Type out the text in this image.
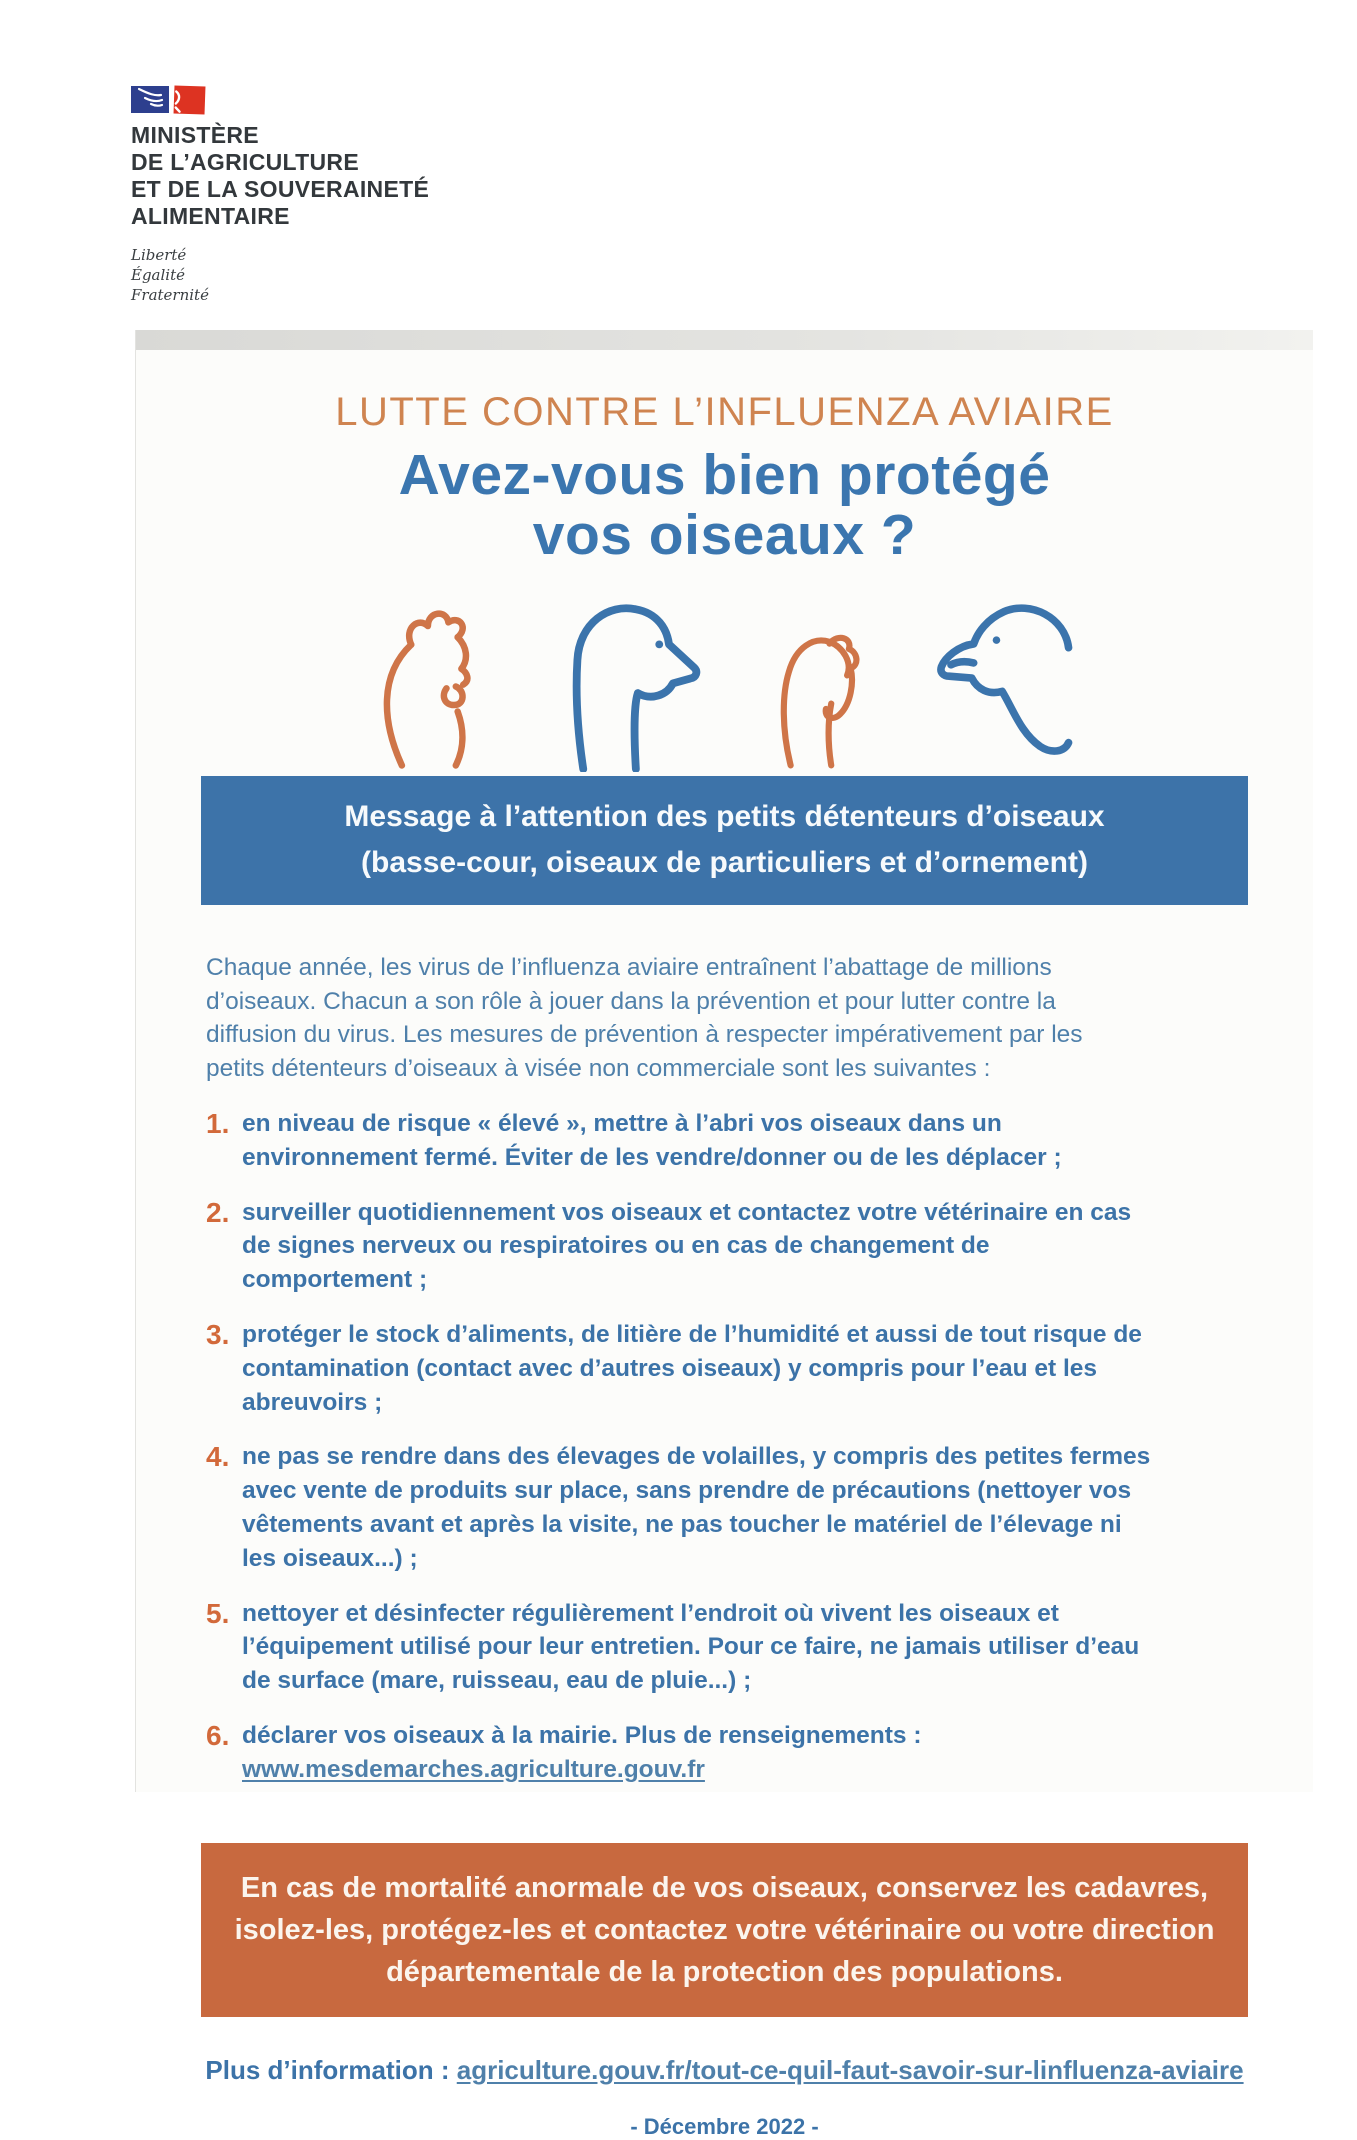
MINISTÈRE
DE L’AGRICULTURE
ET DE LA SOUVERAINETÉ
ALIMENTAIRE
Liberté
Égalité
Fraternité
LUTTE CONTRE L’INFLUENZA AVIAIRE
Avez-vous bien protégé
vos oiseaux ?
Message à l’attention des petits détenteurs d’oiseaux
(basse-cour, oiseaux de particuliers et d’ornement)
Chaque année, les virus de l’influenza aviaire entraînent l’abattage de millions d’oiseaux. Chacun a son rôle à jouer dans la prévention et pour lutter contre la diffusion du virus. Les mesures de prévention à respecter impérativement par les petits détenteurs d’oiseaux à visée non commerciale sont les suivantes :
1. en niveau de risque « élevé », mettre à l’abri vos oiseaux dans un environnement fermé. Éviter de les vendre/donner ou de les déplacer ;
2. surveiller quotidiennement vos oiseaux et contactez votre vétérinaire en cas de signes nerveux ou respiratoires ou en cas de changement de comportement ;
3. protéger le stock d’aliments, de litière de l’humidité et aussi de tout risque de contamination (contact avec d’autres oiseaux) y compris pour l’eau et les abreuvoirs ;
4. ne pas se rendre dans des élevages de volailles, y compris des petites fermes avec vente de produits sur place, sans prendre de précautions (nettoyer vos vêtements avant et après la visite, ne pas toucher le matériel de l’élevage ni les oiseaux...) ;
5. nettoyer et désinfecter régulièrement l’endroit où vivent les oiseaux et l’équipement utilisé pour leur entretien. Pour ce faire, ne jamais utiliser d’eau de surface (mare, ruisseau, eau de pluie...) ;
6. déclarer vos oiseaux à la mairie. Plus de renseignements : www.mesdemarches.agriculture.gouv.fr
En cas de mortalité anormale de vos oiseaux, conservez les cadavres,
isolez-les, protégez-les et contactez votre vétérinaire ou votre direction
départementale de la protection des populations.
Plus d’information : agriculture.gouv.fr/tout-ce-quil-faut-savoir-sur-linfluenza-aviaire
- Décembre 2022 -
